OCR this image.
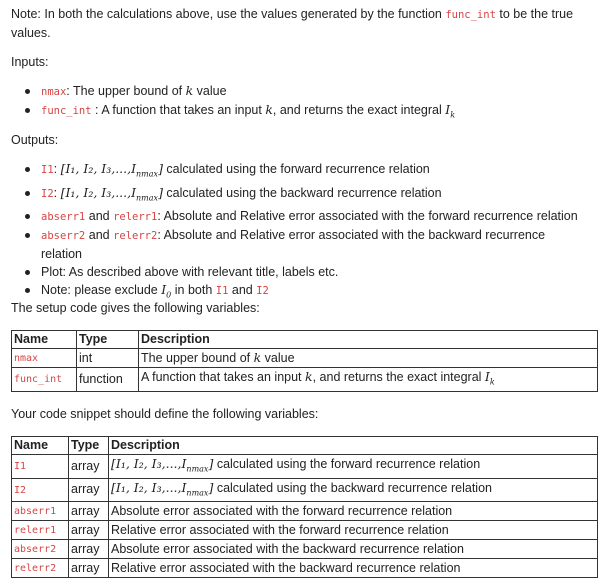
Note: In both the calculations above, use the values generated by the function func_int to be the true values.
Inputs:
nmax: The upper bound of k value
func_int : A function that takes an input k, and returns the exact integral $I_k$
Outputs:
I1: [I₁, I₂, $I_3,...,I_{nmax}$] calculated using the forward recurrence relation
I2: [I₁, I₂, $I_3,...,I_{nmax}$] calculated using the backward recurrence relation
abserr1 and relerr1: Absolute and Relative error associated with the forward recurrence relation
abserr2 and relerr2: Absolute and Relative error associated with the backward recurrence
relation
Plot: As described above with relevant title, labels etc.
Note: please exclude $I_0$ in both I1 and I2
The setup code gives the following variables:
Name	Type	Description
nmax	int	The upper bound of k value
func_int	function	A function that takes an input k, and returns the exact integral $I_k$
Your code snippet should define the following variables:
Name	Type	Description
I1	array	[I₁, I₂, $I_3,...,I_{nmax}$] calculated using the forward recurrence relation
I2	array	[I₁, I₂, $I_3,...,I_{nmax}$] calculated using the backward recurrence relation
abserr1	array	Absolute error associated with the forward recurrence relation
relerr1	array	Relative error associated with the forward recurrence relation
abserr2	array	Absolute error associated with the backward recurrence relation
relerr2	array	Relative error associated with the backward recurrence relation
